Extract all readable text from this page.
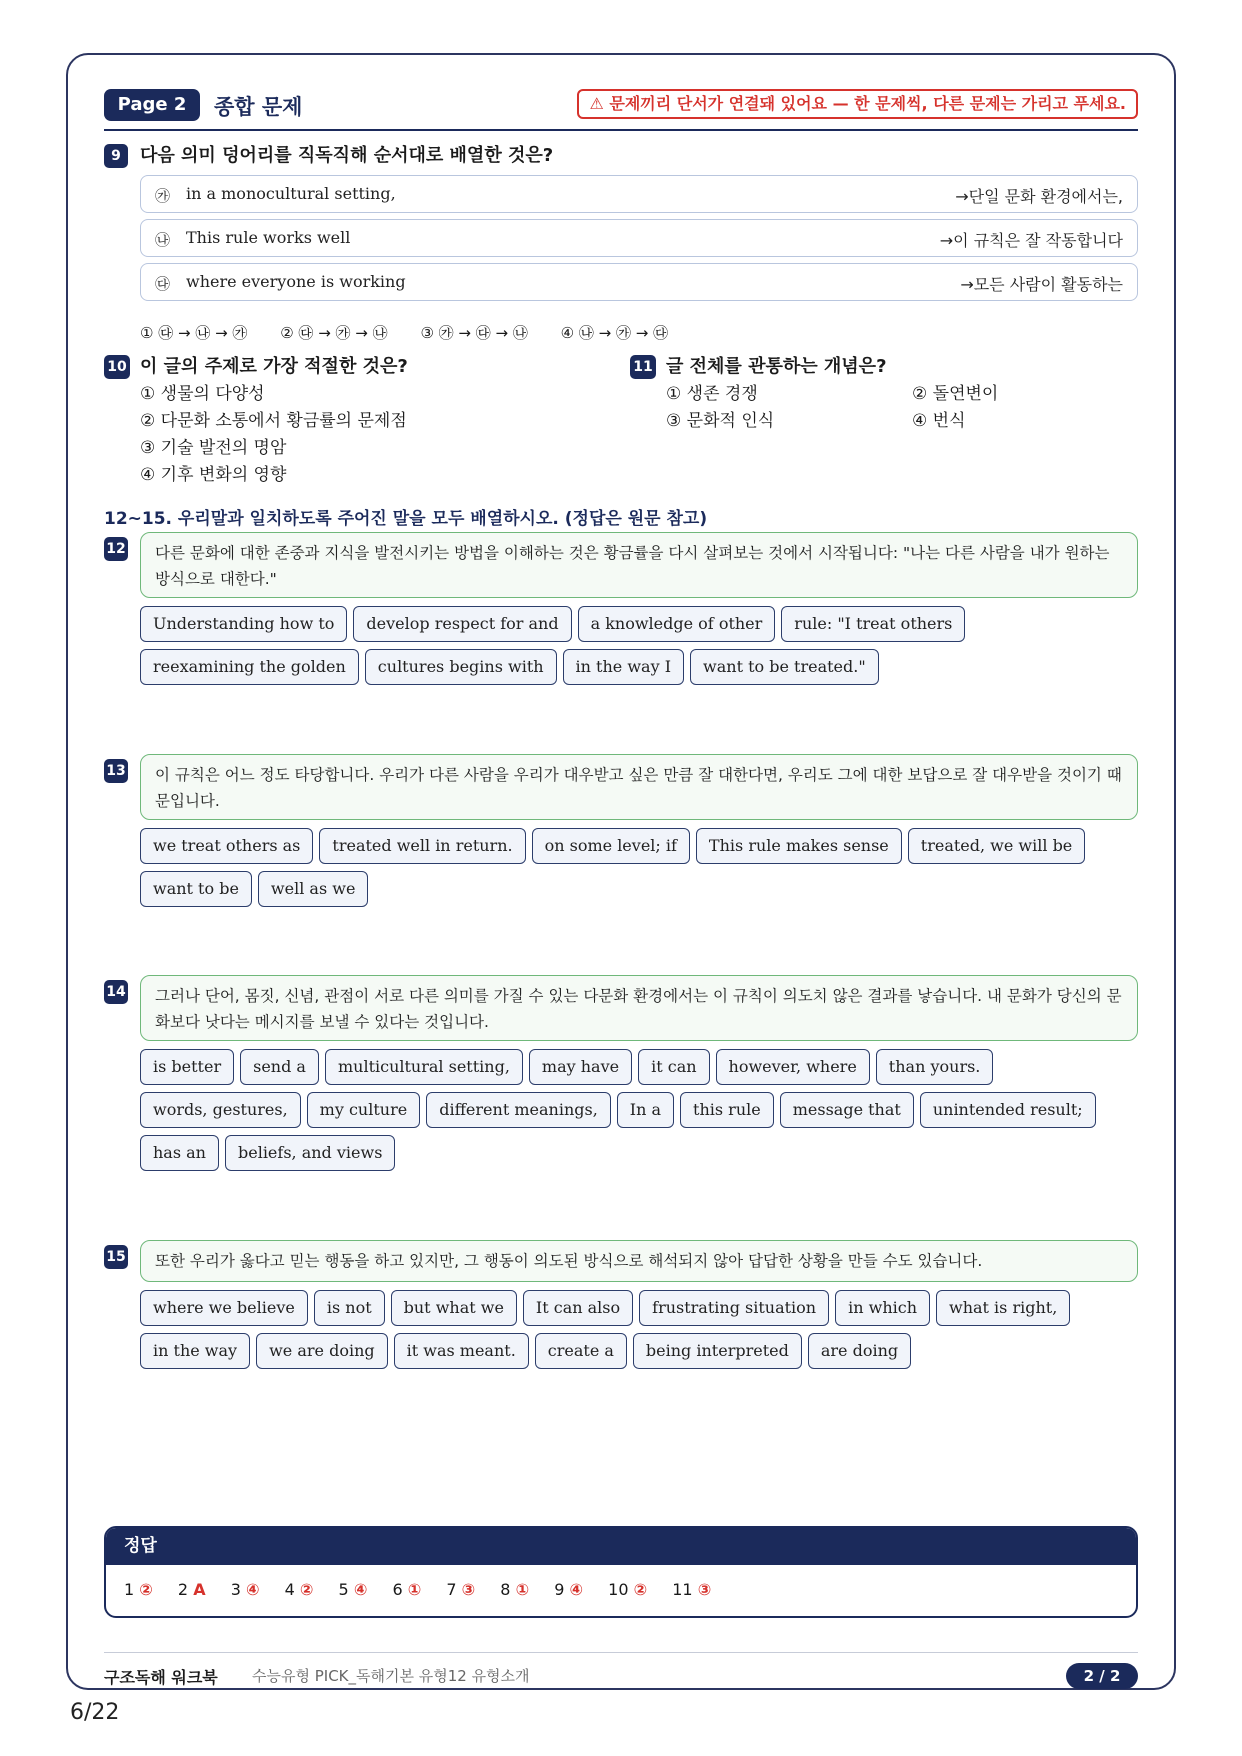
Page 2	종합 문제	⚠ 문제끼리 단서가 연결돼 있어요 — 한 문제씩, 다른 문제는 가리고 푸세요.
9	다음 의미 덩어리를 직독직해 순서대로 배열한 것은?
㉮ in a monocultural setting,	→단일 문화 환경에서는,
㉯ This rule works well	→이 규칙은 잘 작동합니다
㉰ where everyone is working	→모든 사람이 활동하는
① ㉰ → ㉯ → ㉮ ② ㉰ → ㉮ → ㉯ ③ ㉮ → ㉰ → ㉯ ④ ㉯ → ㉮ → ㉰
10 이 글의 주제로 가장 적절한 것은?
① 생물의 다양성
② 다문화 소통에서 황금률의 문제점
③ 기술 발전의 명암
④ 기후 변화의 영향
11 글 전체를 관통하는 개념은?
① 생존 경쟁
③ 문화적 인식
② 돌연변이
④ 번식
12~15. 우리말과 일치하도록 주어진 말을 모두 배열하시오. (정답은 원문 참고)
12	다른 문화에 대한 존중과 지식을 발전시키는 방법을 이해하는 것은 황금률을 다시 살펴보는 것에서 시작됩니다: "나는 다른 사람을 내가 원하는 방식으로 대한다."
Understanding how to	develop respect for and	a knowledge of other	rule: "I treat others
reexamining the golden	cultures begins with	in the way I	want to be treated."
13	이 규칙은 어느 정도 타당합니다. 우리가 다른 사람을 우리가 대우받고 싶은 만큼 잘 대한다면, 우리도 그에 대한 보답으로 잘 대우받을 것이기 때문입니다.
we treat others as	treated well in return.	on some level; if	This rule makes sense	treated, we will be
want to be	well as we
14	그러나 단어, 몸짓, 신념, 관점이 서로 다른 의미를 가질 수 있는 다문화 환경에서는 이 규칙이 의도치 않은 결과를 낳습니다. 내 문화가 당신의 문화보다 낫다는 메시지를 보낼 수 있다는 것입니다.
is better	send a	multicultural setting,	may have	it can	however, where	than yours.
words, gestures,	my culture	different meanings,	In a	this rule	message that	unintended result;
has an	beliefs, and views
15	또한 우리가 옳다고 믿는 행동을 하고 있지만, 그 행동이 의도된 방식으로 해석되지 않아 답답한 상황을 만들 수도 있습니다.
where we believe	is not	but what we	It can also	frustrating situation	in which	what is right,
in the way	we are doing	it was meant.	create a	being interpreted	are doing
정답
1 ② 2 A 3 ④ 4 ② 5 ④ 6 ① 7 ③ 8 ① 9 ④ 10 ② 11 ③
구조독해 워크북 수능유형 PICK_독해기본 유형12 유형소개	2 / 2
6/22
